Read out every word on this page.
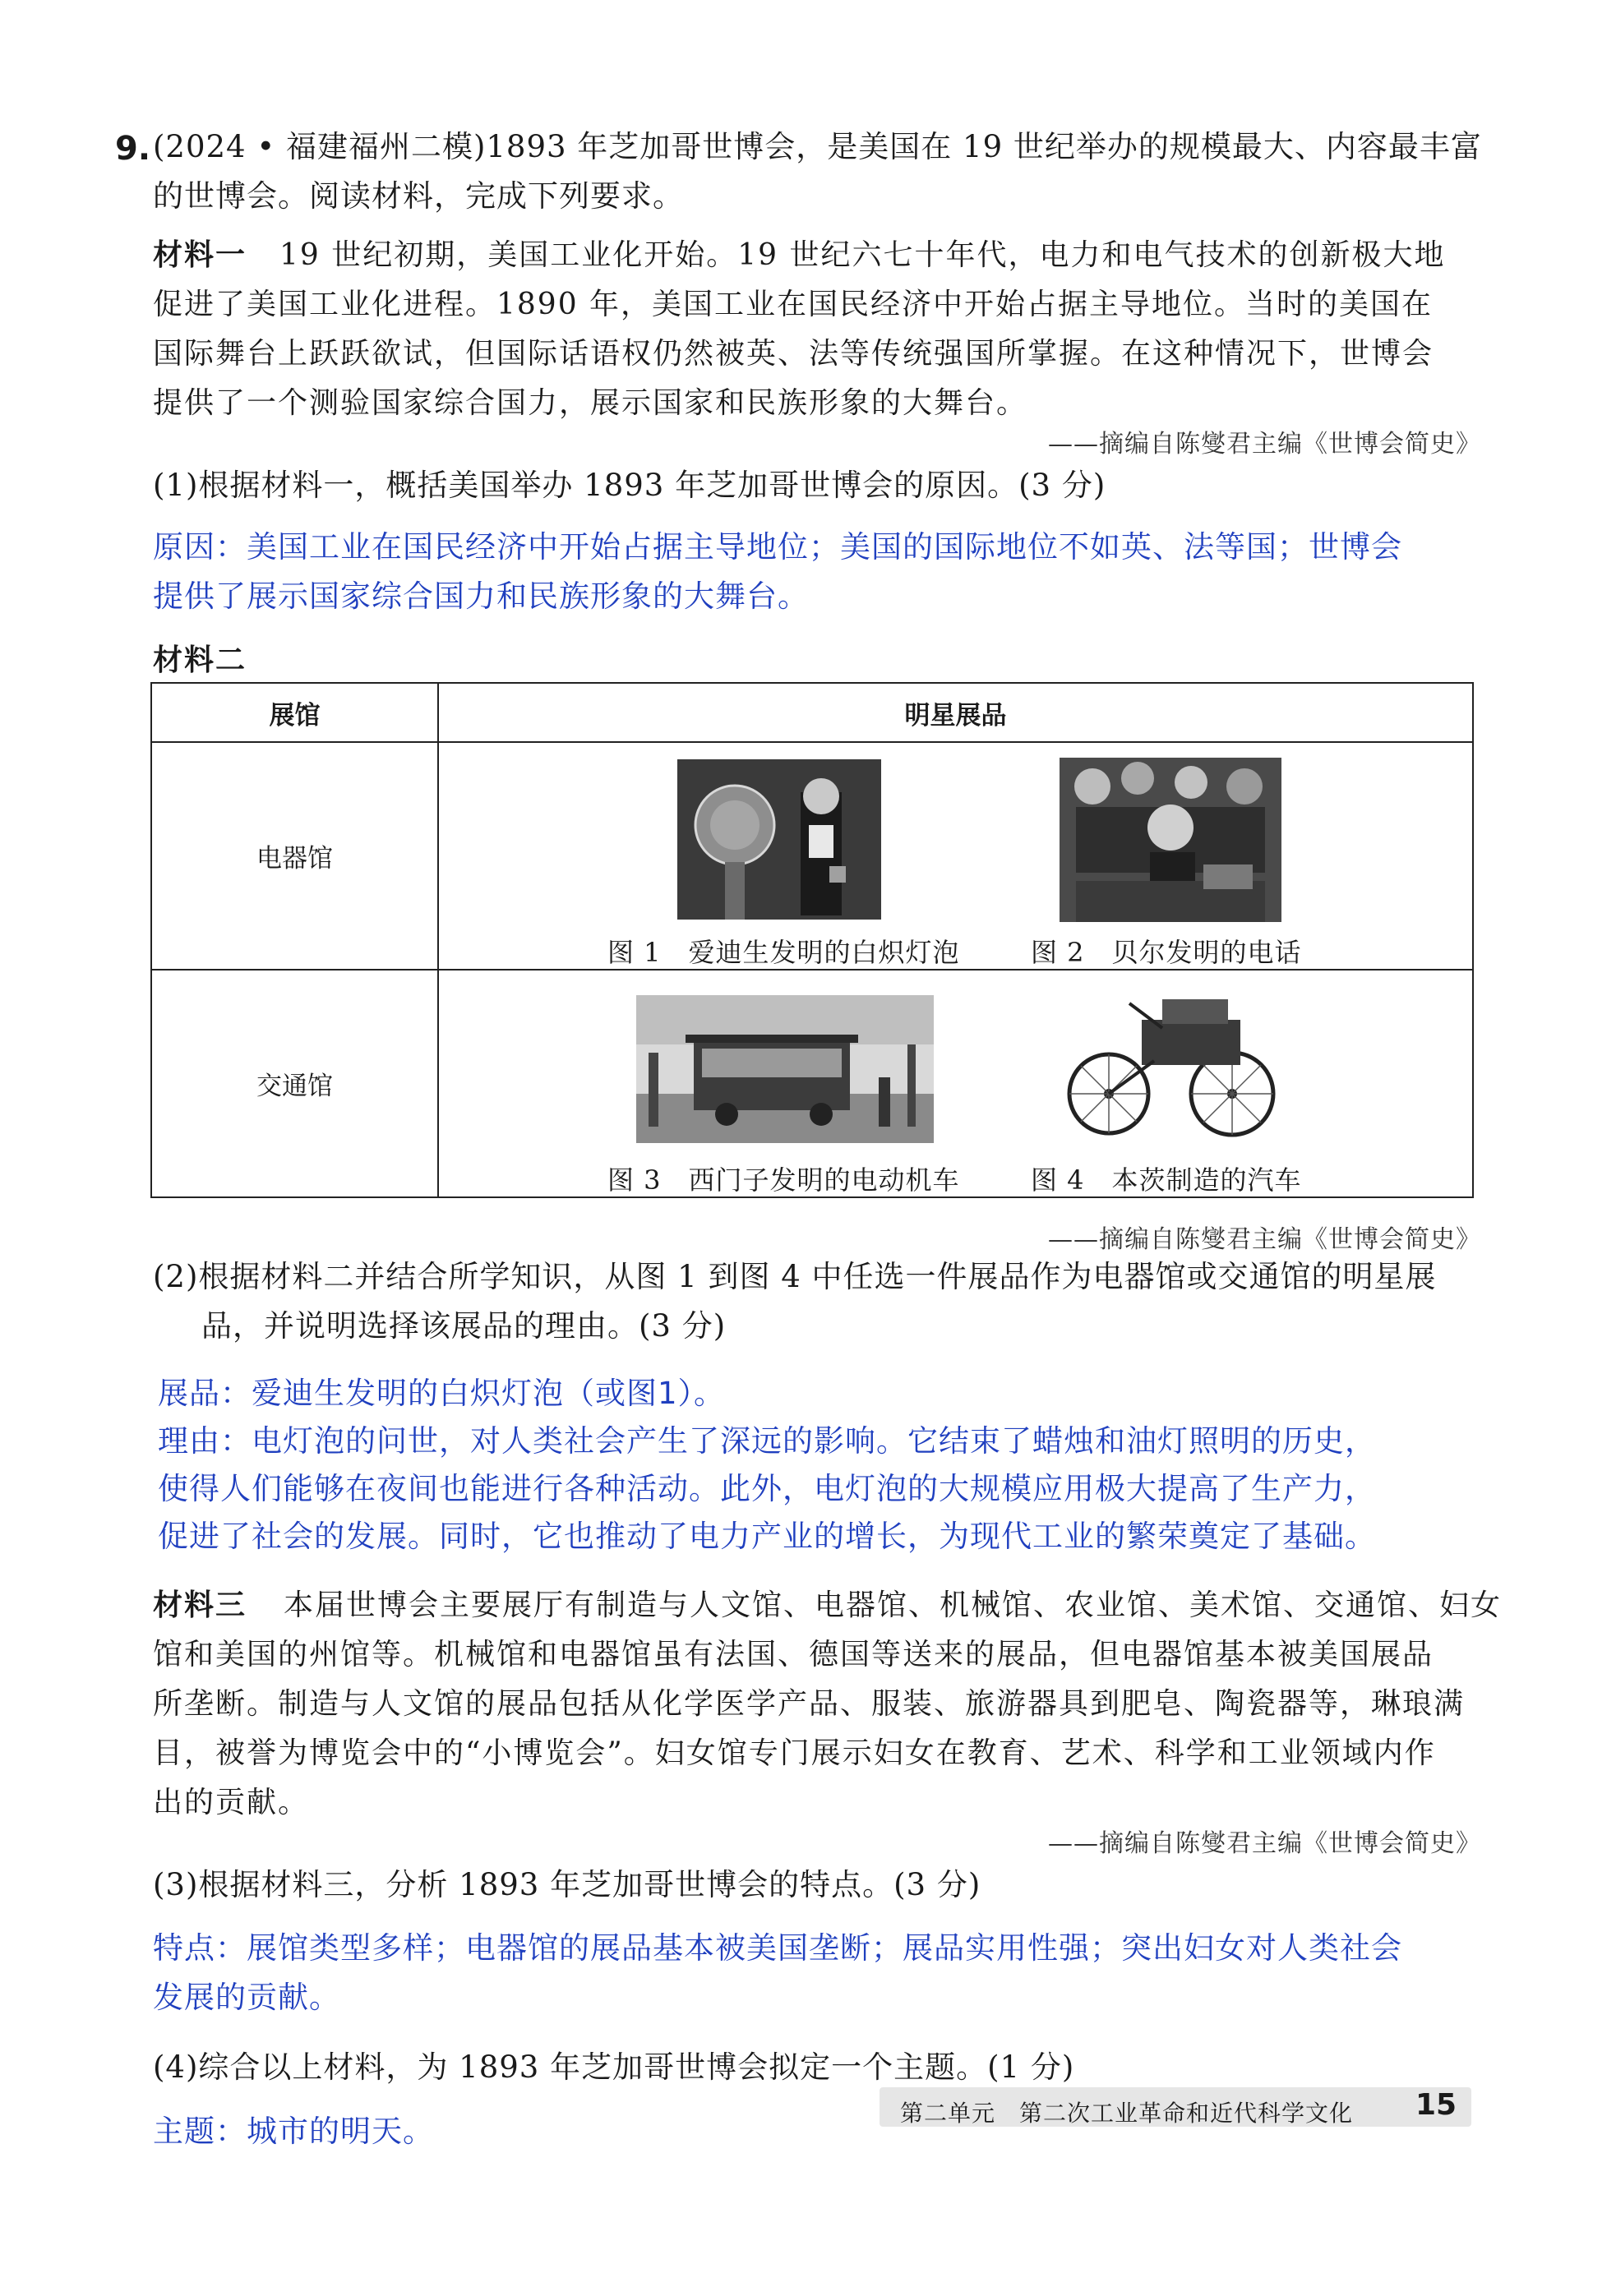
9. (2024 • 福建福州二模)1893 年芝加哥世博会，是美国在 19 世纪举办的规模最大、内容最丰富
的世博会。阅读材料，完成下列要求。
材料一 19 世纪初期，美国工业化开始。19 世纪六七十年代，电力和电气技术的创新极大地
促进了美国工业化进程。1890 年，美国工业在国民经济中开始占据主导地位。当时的美国在
国际舞台上跃跃欲试，但国际话语权仍然被英、法等传统强国所掌握。在这种情况下，世博会
提供了一个测验国家综合国力，展示国家和民族形象的大舞台。
——摘编自陈燮君主编《世博会简史》
(1)根据材料一，概括美国举办 1893 年芝加哥世博会的原因。(3 分)
原因：美国工业在国民经济中开始占据主导地位；美国的国际地位不如英、法等国；世博会
提供了展示国家综合国力和民族形象的大舞台。
材料二
展馆	明星展品
电器馆	图 1　爱迪生发明的白炽灯泡 图 2　贝尔发明的电话

交通馆	图 3　西门子发明的电动机车 图 4　本茨制造的汽车
——摘编自陈燮君主编《世博会简史》
(2)根据材料二并结合所学知识，从图 1 到图 4 中任选一件展品作为电器馆或交通馆的明星展
品，并说明选择该展品的理由。(3 分)
展品：爱迪生发明的白炽灯泡（或图1）。
理由：电灯泡的问世，对人类社会产生了深远的影响。它结束了蜡烛和油灯照明的历史，
使得人们能够在夜间也能进行各种活动。此外，电灯泡的大规模应用极大提高了生产力，
促进了社会的发展。同时，它也推动了电力产业的增长，为现代工业的繁荣奠定了基础。
材料三 本届世博会主要展厅有制造与人文馆、电器馆、机械馆、农业馆、美术馆、交通馆、妇女
馆和美国的州馆等。机械馆和电器馆虽有法国、德国等送来的展品，但电器馆基本被美国展品
所垄断。制造与人文馆的展品包括从化学医学产品、服装、旅游器具到肥皂、陶瓷器等，琳琅满
目，被誉为博览会中的“小博览会”。妇女馆专门展示妇女在教育、艺术、科学和工业领域内作
出的贡献。
——摘编自陈燮君主编《世博会简史》
(3)根据材料三，分析 1893 年芝加哥世博会的特点。(3 分)
特点：展馆类型多样；电器馆的展品基本被美国垄断；展品实用性强；突出妇女对人类社会
发展的贡献。
(4)综合以上材料，为 1893 年芝加哥世博会拟定一个主题。(1 分)
主题：城市的明天。
第二单元　第二次工业革命和近代科学文化 15
